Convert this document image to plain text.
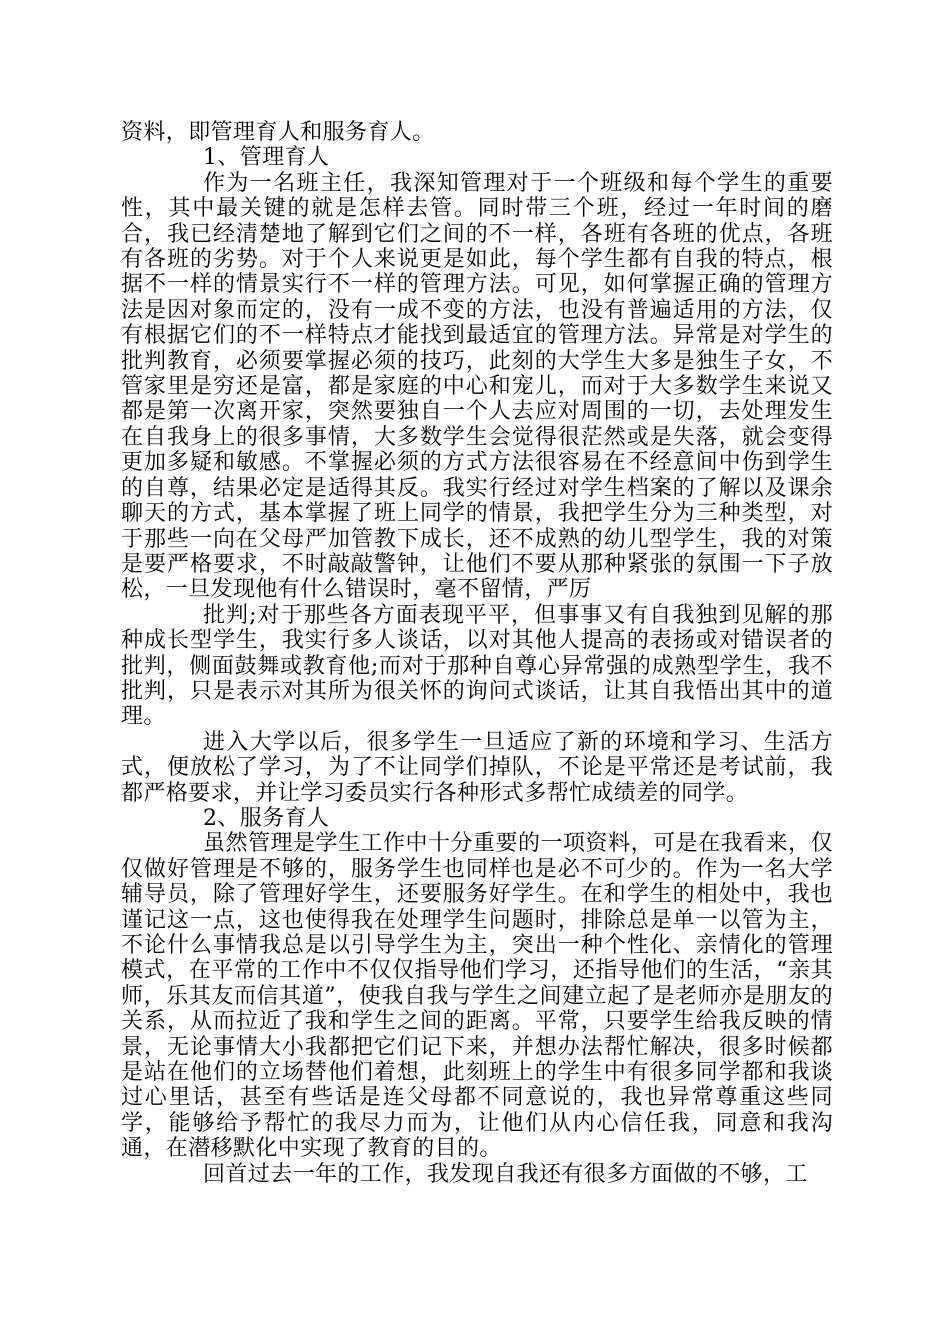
资料，即管理育人和服务育人。

1、管理育人

作为一名班主任，我深知管理对于一个班级和每个学生的重要性，其中最关键的就是怎样去管。同时带三个班，经过一年时间的磨合，我已经清楚地了解到它们之间的不一样，各班有各班的优点，各班有各班的劣势。对于个人来说更是如此，每个学生都有自我的特点，根据不一样的情景实行不一样的管理方法。可见，如何掌握正确的管理方法是因对象而定的，没有一成不变的方法，也没有普遍适用的方法，仅有根据它们的不一样特点才能找到最适宜的管理方法。异常是对学生的批判教育，必须要掌握必须的技巧，此刻的大学生大多是独生子女，不管家里是穷还是富，都是家庭的中心和宠儿，而对于大多数学生来说又都是第一次离开家，突然要独自一个人去应对周围的一切，去处理发生在自我身上的很多事情，大多数学生会觉得很茫然或是失落，就会变得更加多疑和敏感。不掌握必须的方式方法很容易在不经意间中伤到学生的自尊，结果必定是适得其反。我实行经过对学生档案的了解以及课余聊天的方式，基本掌握了班上同学的情景，我把学生分为三种类型，对于那些一向在父母严加管教下成长，还不成熟的幼儿型学生，我的对策是要严格要求，不时敲敲警钟，让他们不要从那种紧张的氛围一下子放松，一旦发现他有什么错误时，毫不留情，严厉

批判;对于那些各方面表现平平，但事事又有自我独到见解的那种成长型学生，我实行多人谈话，以对其他人提高的表扬或对错误者的批判，侧面鼓舞或教育他;而对于那种自尊心异常强的成熟型学生，我不批判，只是表示对其所为很关怀的询问式谈话，让其自我悟出其中的道理。

进入大学以后，很多学生一旦适应了新的环境和学习、生活方式，便放松了学习，为了不让同学们掉队，不论是平常还是考试前，我都严格要求，并让学习委员实行各种形式多帮忙成绩差的同学。

2、服务育人

虽然管理是学生工作中十分重要的一项资料，可是在我看来，仅仅做好管理是不够的，服务学生也同样也是必不可少的。作为一名大学辅导员，除了管理好学生，还要服务好学生。在和学生的相处中，我也谨记这一点，这也使得我在处理学生问题时，排除总是单一以管为主，不论什么事情我总是以引导学生为主，突出一种个性化、亲情化的管理模式，在平常的工作中不仅仅指导他们学习，还指导他们的生活，“亲其师，乐其友而信其道”，使我自我与学生之间建立起了是老师亦是朋友的关系，从而拉近了我和学生之间的距离。平常，只要学生给我反映的情景，无论事情大小我都把它们记下来，并想办法帮忙解决，很多时候都是站在他们的立场替他们着想，此刻班上的学生中有很多同学都和我谈过心里话，甚至有些话是连父母都不同意说的，我也异常尊重这些同学，能够给予帮忙的我尽力而为，让他们从内心信任我，同意和我沟通，在潜移默化中实现了教育的目的。

回首过去一年的工作，我发现自我还有很多方面做的不够，工
